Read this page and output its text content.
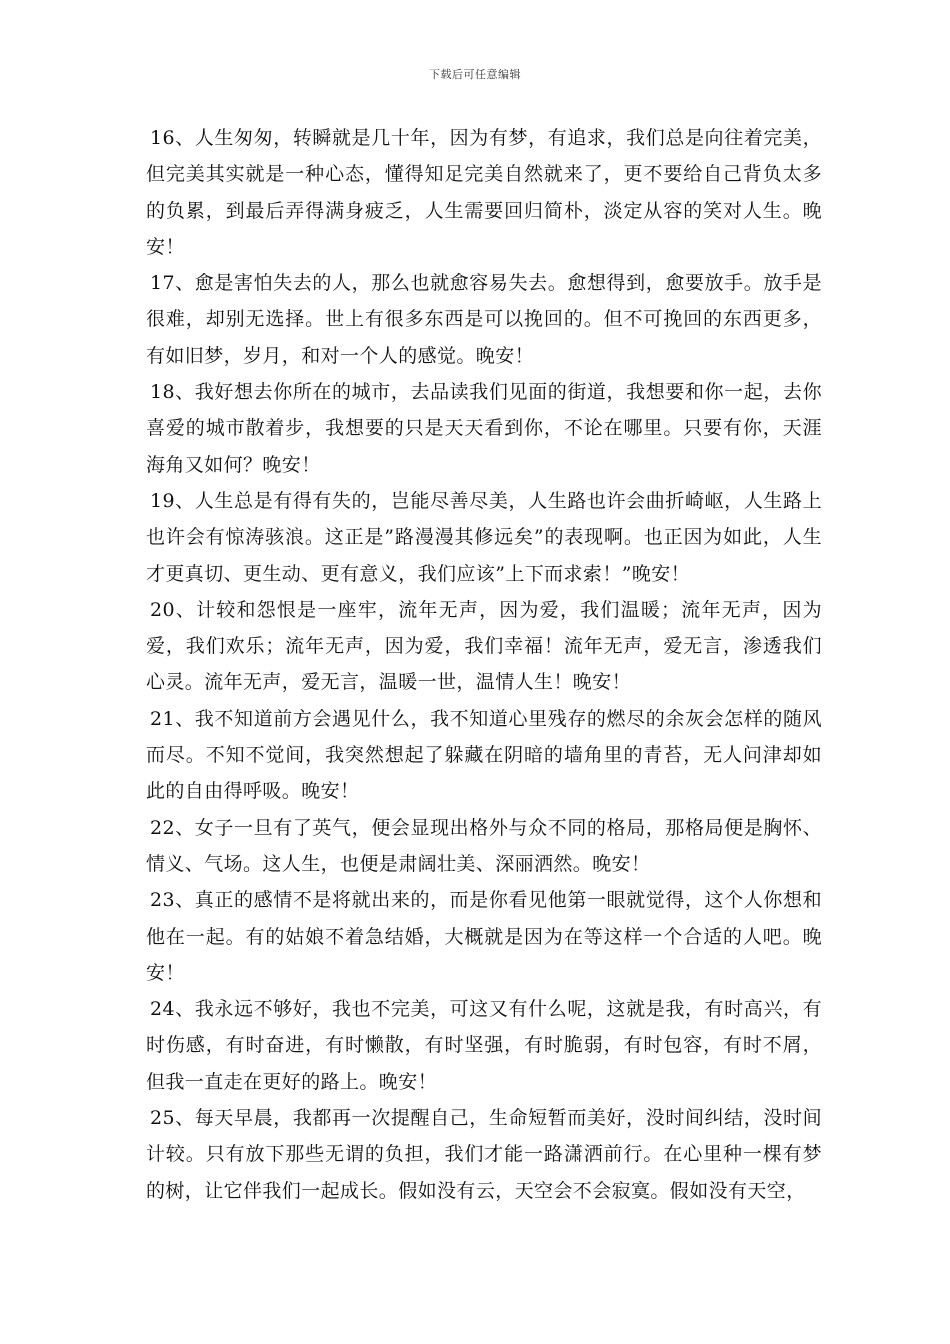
下载后可任意编辑

16、人生匆匆，转瞬就是几十年，因为有梦，有追求，我们总是向往着完美，但完美其实就是一种心态，懂得知足完美自然就来了，更不要给自己背负太多的负累，到最后弄得满身疲乏，人生需要回归简朴，淡定从容的笑对人生。晚安！

17、愈是害怕失去的人，那么也就愈容易失去。愈想得到，愈要放手。放手是很难，却别无选择。世上有很多东西是可以挽回的。但不可挽回的东西更多，有如旧梦，岁月，和对一个人的感觉。晚安！

18、我好想去你所在的城市，去品读我们见面的街道，我想要和你一起，去你喜爱的城市散着步，我想要的只是天天看到你，不论在哪里。只要有你，天涯海角又如何？晚安！

19、人生总是有得有失的，岂能尽善尽美，人生路也许会曲折崎岖，人生路上也许会有惊涛骇浪。这正是”路漫漫其修远矣”的表现啊。也正因为如此，人生才更真切、更生动、更有意义，我们应该”上下而求索！”晚安！

20、计较和怨恨是一座牢，流年无声，因为爱，我们温暖；流年无声，因为爱，我们欢乐；流年无声，因为爱，我们幸福！流年无声，爱无言，渗透我们心灵。流年无声，爱无言，温暖一世，温情人生！晚安！

21、我不知道前方会遇见什么，我不知道心里残存的燃尽的余灰会怎样的随风而尽。不知不觉间，我突然想起了躲藏在阴暗的墙角里的青苔，无人问津却如此的自由得呼吸。晚安！

22、女子一旦有了英气，便会显现出格外与众不同的格局，那格局便是胸怀、情义、气场。这人生，也便是肃阔壮美、深丽洒然。晚安！

23、真正的感情不是将就出来的，而是你看见他第一眼就觉得，这个人你想和他在一起。有的姑娘不着急结婚，大概就是因为在等这样一个合适的人吧。晚安！

24、我永远不够好，我也不完美，可这又有什么呢，这就是我，有时高兴，有时伤感，有时奋进，有时懒散，有时坚强，有时脆弱，有时包容，有时不屑，但我一直走在更好的路上。晚安！

25、每天早晨，我都再一次提醒自己，生命短暂而美好，没时间纠结，没时间计较。只有放下那些无谓的负担，我们才能一路潇洒前行。在心里种一棵有梦的树，让它伴我们一起成长。假如没有云，天空会不会寂寞。假如没有天空，
